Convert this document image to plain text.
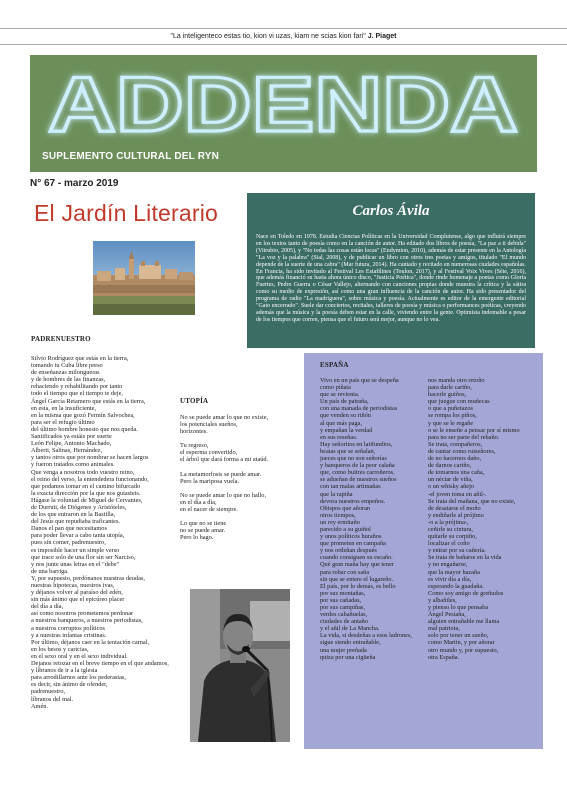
"La inteligenteco estas tio, kion vi uzas, kiam ne scias kion fari" J. Piaget
ADDENDA
SUPLEMENTO CULTURAL DEL RYN
N° 67 - marzo 2019
El Jardín Literario	Carlos Ávila

Nace en Toledo en 1978. Estudia Ciencias Políticas en la Universidad Complutense, algo que influirá siempre en los textos tanto de poesía como en la canción de autor. Ha editado dos libros de poesía, "La paz a ti debida" (Vitrubio, 2005), y "No todas las cosas están locas" (Endymion, 2010), además de estar presente en la Antología "La voz y la palabra" (Sial, 2008), y de publicar un libro con otros tres poetas y amigos, titulado "El mundo depende de la suerte de una cabra" (Mar futura, 2014). Ha cantado y recitado en numerosas ciudades españolas. En Francia, ha sido invitado al Festival Les Estafilines (Toulon, 2017), y al Festival Voix Vives (Sète, 2016), que además financió su hasta ahora único disco, "Justicia Poética", donde rinde homenaje a poetas como Gloria Fuertes, Pedro Guerra o César Vallejo, alternando con canciones propias donde muestra la crítica y la sátira como su medio de expresión, así como una gran influencia de la canción de autor. Ha sido presentador del programa de radio "La madriguera", sobre música y poesía. Actualmente es editor de la emergente editorial "Gato encerrado". Suele dar conciertos, recitales, talleres de poesía y música o performances poéticas, creyendo además que la música y la poesía deben estar en la calle, viviendo entre la gente. Optimista indomable a pesar de los tiempos que corren, piensa que el futuro será mejor, aunque no lo vea.

PADRENUESTRO

Silvio Rodríguez que estás en la tierra,
tomando tu Cuba libre preso
de enseñanzas milongueras
y de hombres de las finanzas,
rehaciendo y rehabilitando por tanto
todo el tiempo que el tiempo te deje,
Ángel García Retamero que estás en la tierra,
en esta, en la insuficiente,
en la misma que gozó Fermín Salvochea,
para ser el refugio último
del último hombre honesto que nos queda.
Santificados ya estáis por suerte
León Felipe, Antonio Machado,
Alberti, Salinas, Hernández,
y tantos otros que por nombrar se hacen largos
y fueron tratados como animales.
Que venga a nosotros todo vuestro reino,
el reino del verso, la entendedera funcionando,
que podamos tomar en el camino bifurcado
la exacta dirección por la que nos guiasteis.
Hágase la voluntad de Miguel de Cervantes,
de Durruti, de Diógenes y Aristóteles,
de los que entraron en la Bastilla,
del Jesús que repudiaba traficantes.
Danos el pan que necesitamos
para poder llevar a cabo tanta utopía,
pues sin comer, padrenuestro,
es imposible hacer un simple verso
que trace solo de una flor sin ser Narciso,
y nos junte unas letras en el "debe"
de una barriga.
Y, por supuesto, perdónanos nuestras deudas,
nuestras hipotecas, nuestros ivas,
y déjanos volver al paraíso del edén,
sin más ánimo que el epicúreo placer
del día a día,
así como nosotros prometemos perdonar
a nuestros banqueros, a nuestros periodistas,
a nuestros corruptos políticos
y a nuestras infantas cristinas.
Por último, déjanos caer en la tentación carnal,
en los besos y caricias,
en el sexo oral y en el sexo individual.
Dejanos retozar en el breve tiempo en el que andamos,
y líbranos de ir a la iglesia
para arrodillarnos ante los pederastas,
es decir, sin ánimo de ofender,
padrenuestro,
líbranos del mal.
Amén.

UTOPÍA

No se puede amar lo que no existe,
los potenciales sueños,
horizontes.

Tu regreso,
el esperma convertido,
el árbol que dará forma a mi ataúd.

La metamorfosis se puede amar.
Pero la mariposa vuela.

No se puede amar lo que no hallo,
en el día a día,
en el nacer de siempre.

Lo que no se tiene
no se puede amar.
Pero lo hago.

ESPAÑA

Vivo en un país que se despeña
como piñata
que se revienta.
Un país de patraña,
con una manada de periodistas
que venden su riñón
al que más paga,
y empañan la verdad
en sus reseñas.

Hay señoritos en latifundios,
beatas que se señalan,
jueces que no son señorías
y banqueros de la peor calaña
que, como buitres carroñeros,
se adueñan de nuestros sueños
con tan malas artimañas
que la rapiña
devora nuestros empeños.

Obispos que añoran
otros tiempos,
un rey ermitaño
parecido a su guiñol
y unos políticos huraños
que prometen en campaña
y nos ordeñan después
cuando consiguen su escaño.
Qué gran maña hay que tener
para robar con saña
sin que se entere el lugareño.

El país, por lo demás, es bello
por sus montañas,
por sus cañadas,
por sus campiñas,
verdes cabañuelas,
ciudades de antaño
y el añil de La Mancha.

La vida, si desdeñas a esos ladrones,
sigue siendo entrañable,
una mujer preñada
quiza por una cigüeña

nos manda otro retoño
para darle cariño,
hacerle guiños,
que juegue con muñecas
o que a puñetazos
se rompa los piños,
y que se le regañe
o se le enseñe a pensar por sí mismo
para no ser parte del rebaño.

Se trata, compañeros,
de cantar como ruiseñores,
de no hacernos daño,
de darnos cariño,
de tomarnos una caña,
un néctar de viña,
o un whisky añejo
-el joven toma en añil-.

Se trata del mañana, que no existe,
de desatarse el moño
y endiñarle al prójimo
-o a la prójima-,
ceñirle su cintura,
quitarle su corpiño,
localizar el coño
y entrar por su cañería.

Se trata de bañarse en la vida
y no engañarse,
que la mayor hazaña
es vivir día a día,
esperando la guadaña.

Como soy amigo de greñudos
y albañiles,
y pienso lo que pensaba
Ángel Pestaña,
alguien entrañable me llama
mal patriota,
solo por tener un sueño,
como Martin, y por añorar
otro mundo y, por supuesto,
otra España.
